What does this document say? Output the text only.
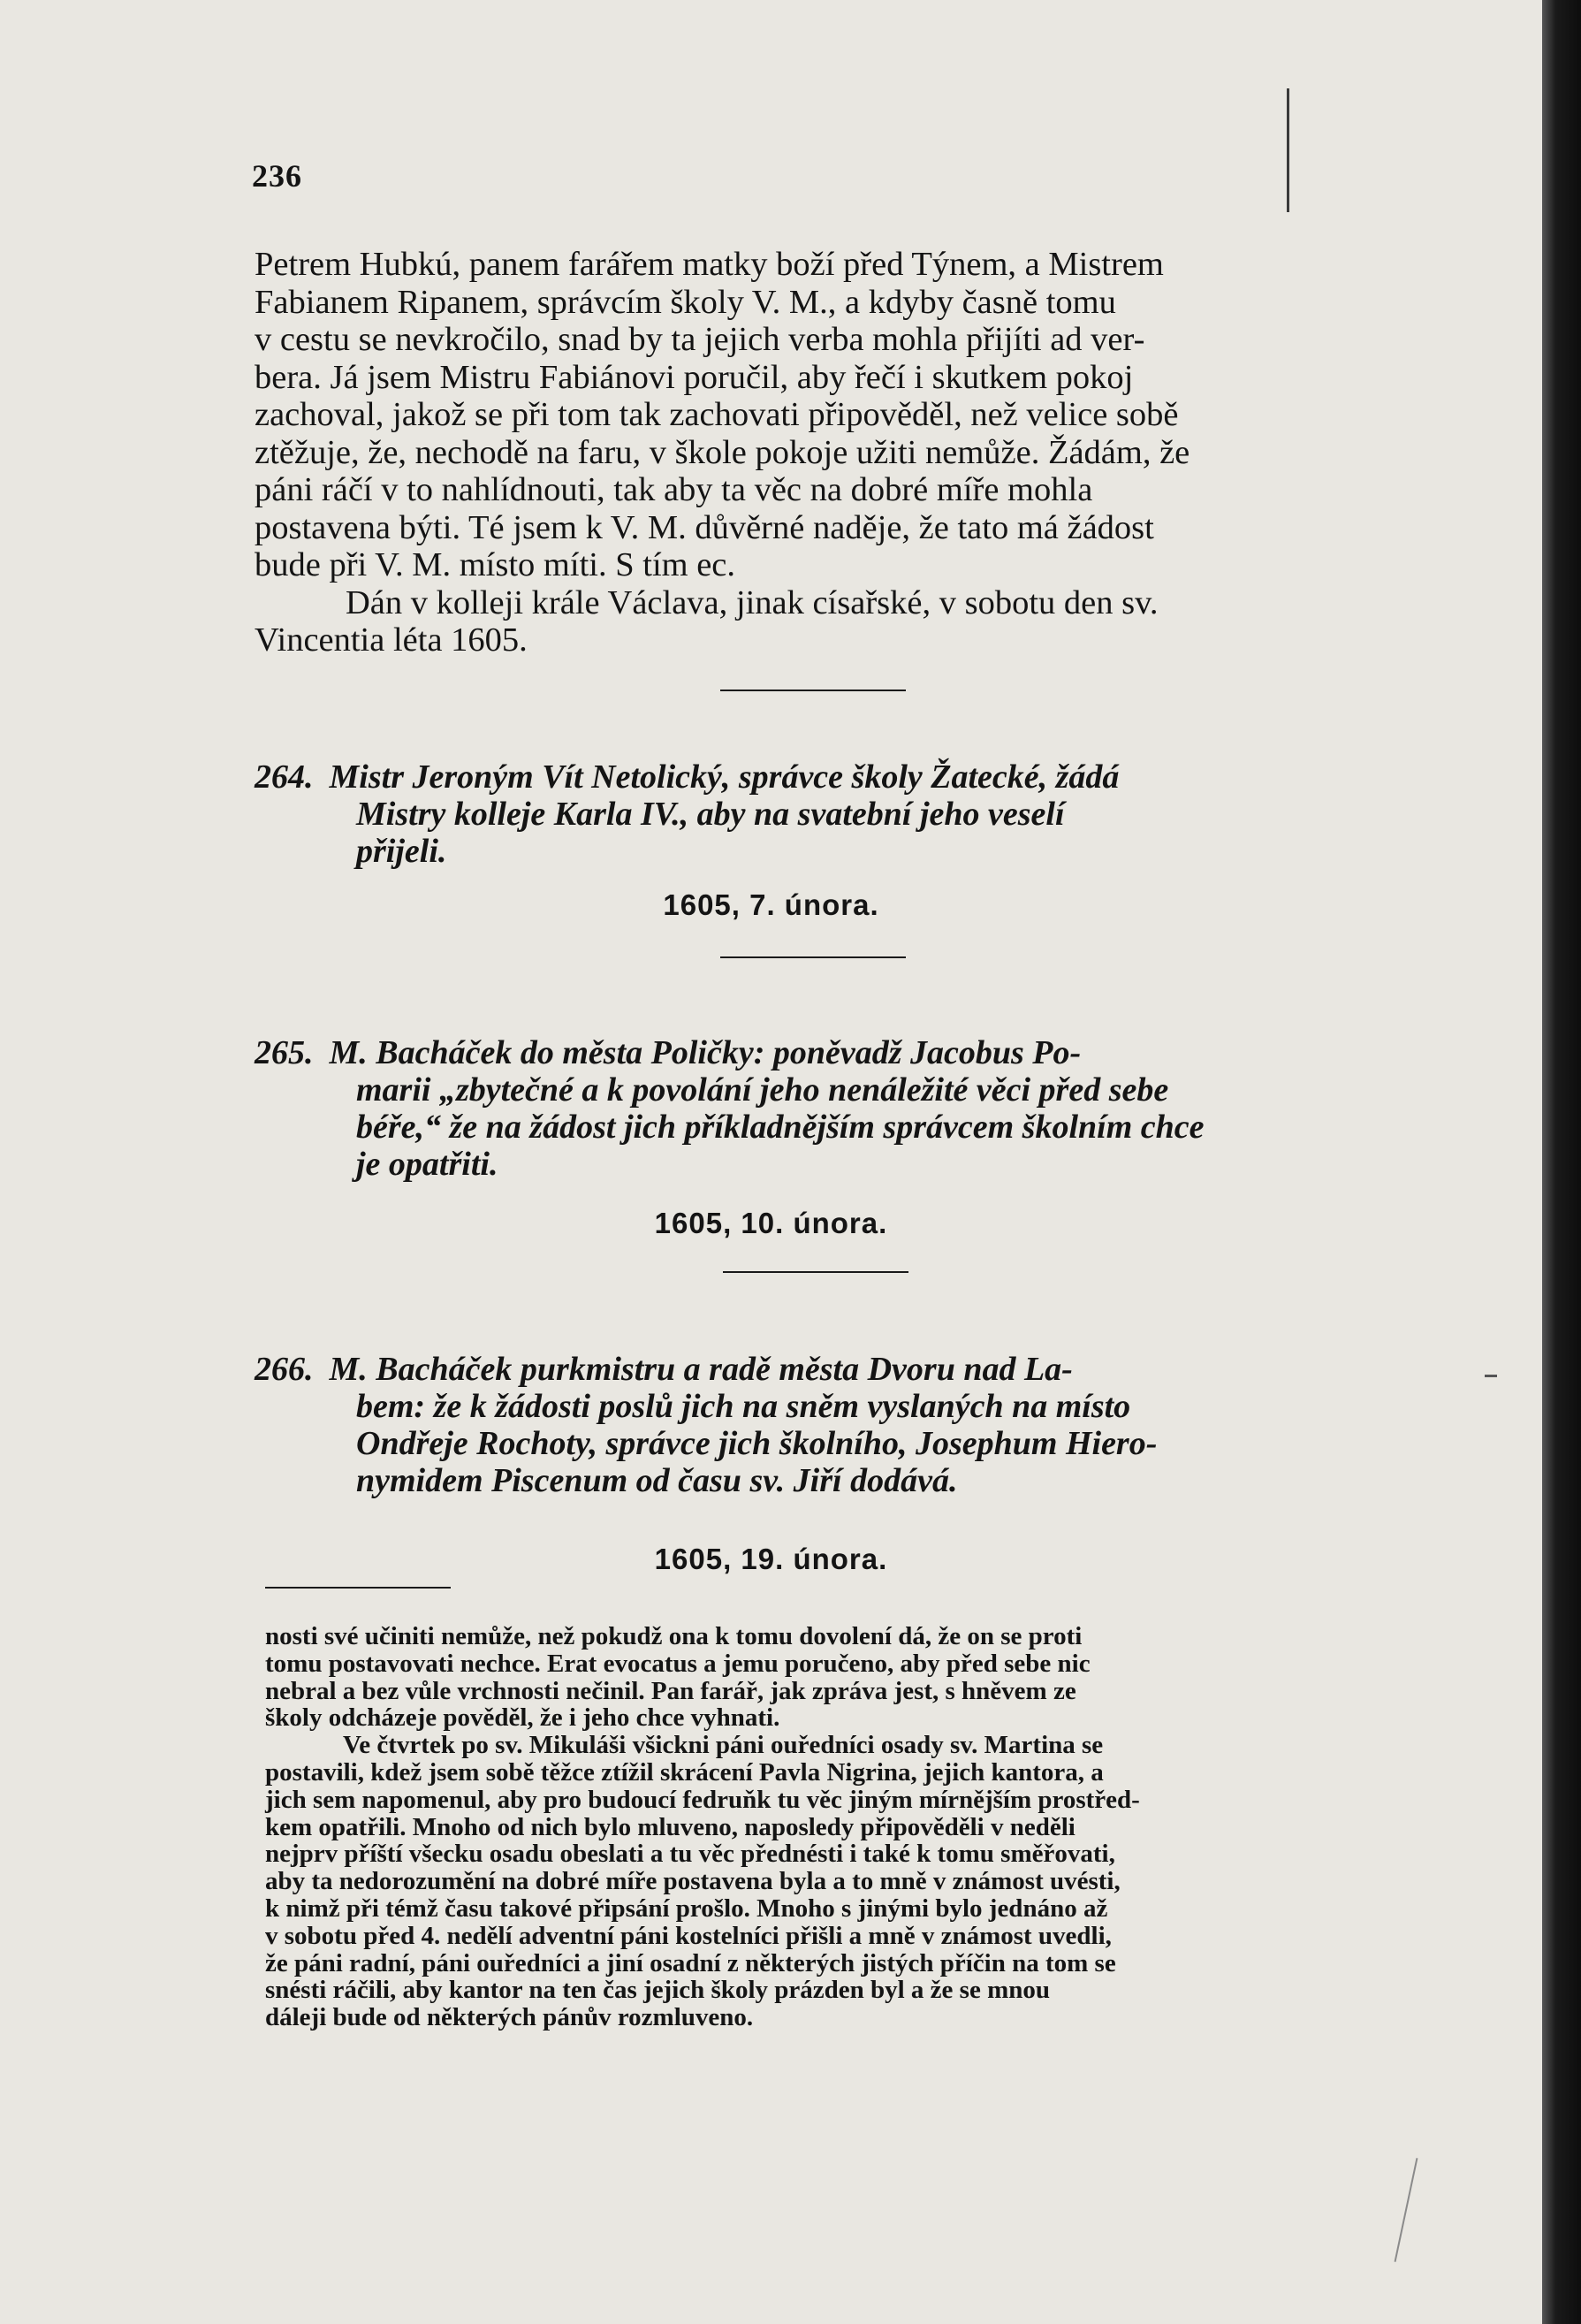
236
Petrem Hubkú, panem farářem matky boží před Týnem, a Mistrem
Fabianem Ripanem, správcím školy V. M., a kdyby časně tomu
v cestu se nevkročilo, snad by ta jejich verba mohla přijíti ad ver-
bera. Já jsem Mistru Fabiánovi poručil, aby řečí i skutkem pokoj
zachoval, jakož se při tom tak zachovati připověděl, než velice sobě
ztěžuje, že, nechodě na faru, v škole pokoje užiti nemůže. Žádám, že
páni ráčí v to nahlídnouti, tak aby ta věc na dobré míře mohla
postavena býti. Té jsem k V. M. důvěrné naděje, že tato má žádost
bude při V. M. místo míti. S tím ec.
Dán v kolleji krále Václava, jinak císařské, v sobotu den sv.
Vincentia léta 1605.
264. Mistr Jeroným Vít Netolický, správce školy Žatecké, žádá
Mistry kolleje Karla IV., aby na svatební jeho veselí
přijeli.
1605, 7. února.
265. M. Bacháček do města Poličky: poněvadž Jacobus Po-
marii „zbytečné a k povolání jeho nenáležité věci před sebe
béře,“ že na žádost jich příkladnějším správcem školním chce
je opatřiti.
1605, 10. února.
266. M. Bacháček purkmistru a radě města Dvoru nad La-
bem: že k žádosti poslů jich na sněm vyslaných na místo
Ondřeje Rochoty, správce jich školního, Josephum Hiero-
nymidem Piscenum od času sv. Jiří dodává.
1605, 19. února.
nosti své učiniti nemůže, než pokudž ona k tomu dovolení dá, že on se proti
tomu postavovati nechce. Erat evocatus a jemu poručeno, aby před sebe nic
nebral a bez vůle vrchnosti nečinil. Pan farář, jak zpráva jest, s hněvem ze
školy odcházeje pověděl, že i jeho chce vyhnati.
Ve čtvrtek po sv. Mikuláši všickni páni ouředníci osady sv. Martina se
postavili, kdež jsem sobě těžce ztížil skrácení Pavla Nigrina, jejich kantora, a
jich sem napomenul, aby pro budoucí fedruňk tu věc jiným mírnějším prostřed-
kem opatřili. Mnoho od nich bylo mluveno, naposledy připověděli v neděli
nejprv příští všecku osadu obeslati a tu věc přednésti i také k tomu směřovati,
aby ta nedorozumění na dobré míře postavena byla a to mně v známost uvésti,
k nimž při témž času takové připsání prošlo. Mnoho s jinými bylo jednáno až
v sobotu před 4. nedělí adventní páni kostelníci přišli a mně v známost uvedli,
že páni radní, páni ouředníci a jiní osadní z některých jistých příčin na tom se
snésti ráčili, aby kantor na ten čas jejich školy prázden byl a že se mnou
dáleji bude od některých pánův rozmluveno.
